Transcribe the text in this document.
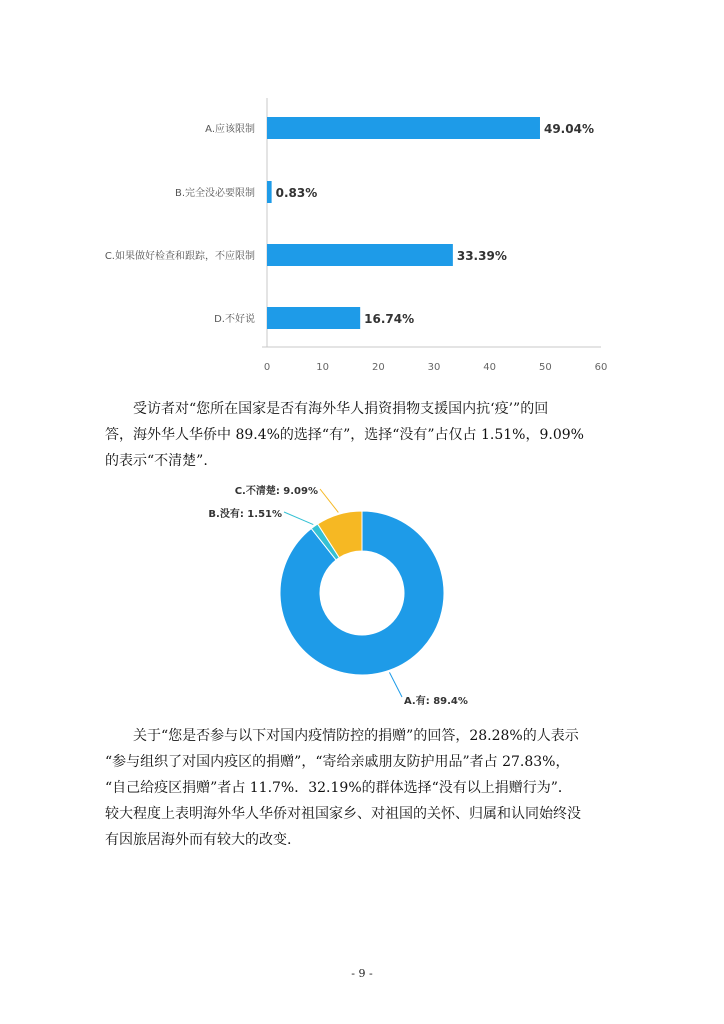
0	10	20	30	40	50	60
A.应该限制	49.04%
B.完全没必要限制 0.83%
C.如果做好检查和跟踪，不应限制	33.39%
D.不好说	16.74%

　　受访者对“您所在国家是否有海外华人捐资捐物支援国内抗‘疫’”的回
答，海外华人华侨中 89.4%的选择“有”，选择“没有”占仅占 1.51%，9.09%
的表示“不清楚”.

A.有: 89.4%
B.没有: 1.51%
C.不清楚: 9.09%

　　关于“您是否参与以下对国内疫情防控的捐赠”的回答，28.28%的人表示
“参与组织了对国内疫区的捐赠”，“寄给亲戚朋友防护用品”者占 27.83%，
“自己给疫区捐赠”者占 11.7%．32.19%的群体选择“没有以上捐赠行为”．
较大程度上表明海外华人华侨对祖国家乡、对祖国的关怀、归属和认同始终没
有因旅居海外而有较大的改变.

- 9 -
